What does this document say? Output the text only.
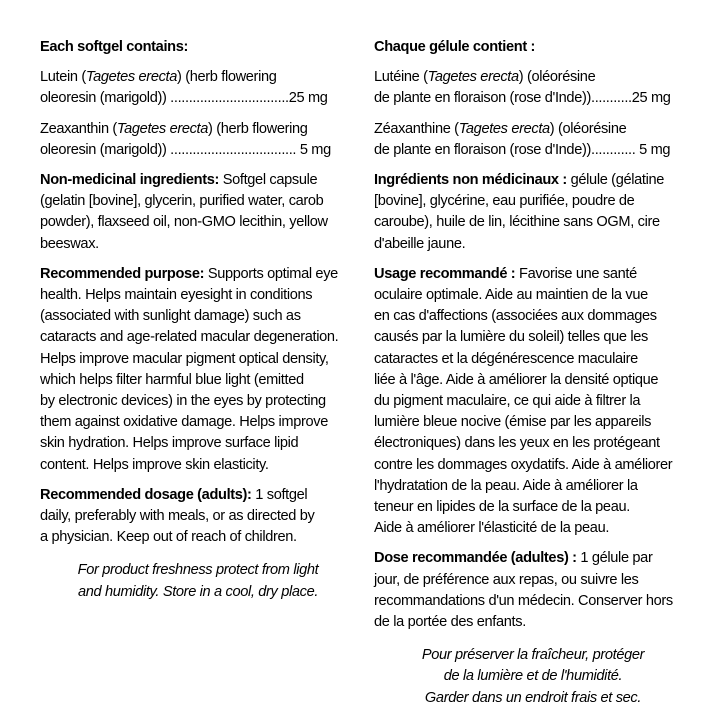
Each softgel contains:
Lutein (Tagetes erecta) (herb flowering
oleoresin (marigold)) ................................25 mg
Zeaxanthin (Tagetes erecta) (herb flowering
oleoresin (marigold)) .................................. 5 mg
Non-medicinal ingredients: Softgel capsule
(gelatin [bovine], glycerin, purified water, carob
powder), flaxseed oil, non-GMO lecithin, yellow
beeswax.
Recommended purpose: Supports optimal eye
health. Helps maintain eyesight in conditions
(associated with sunlight damage) such as
cataracts and age-related macular degeneration.
Helps improve macular pigment optical density,
which helps filter harmful blue light (emitted
by electronic devices) in the eyes by protecting
them against oxidative damage. Helps improve
skin hydration. Helps improve surface lipid
content. Helps improve skin elasticity.
Recommended dosage (adults): 1 softgel
daily, preferably with meals, or as directed by
a physician. Keep out of reach of children.
For product freshness protect from light
and humidity. Store in a cool, dry place.
Chaque gélule contient :
Lutéine (Tagetes erecta) (oléorésine
de plante en floraison (rose d'Inde))...........25 mg
Zéaxanthine (Tagetes erecta) (oléorésine
de plante en floraison (rose d'Inde))............ 5 mg
Ingrédients non médicinaux : gélule (gélatine
[bovine], glycérine, eau purifiée, poudre de
caroube), huile de lin, lécithine sans OGM, cire
d'abeille jaune.
Usage recommandé : Favorise une santé
oculaire optimale. Aide au maintien de la vue
en cas d'affections (associées aux dommages
causés par la lumière du soleil) telles que les
cataractes et la dégénérescence maculaire
liée à l'âge. Aide à améliorer la densité optique
du pigment maculaire, ce qui aide à filtrer la
lumière bleue nocive (émise par les appareils
électroniques) dans les yeux en les protégeant
contre les dommages oxydatifs. Aide à améliorer
l'hydratation de la peau. Aide à améliorer la
teneur en lipides de la surface de la peau.
Aide à améliorer l'élasticité de la peau.
Dose recommandée (adultes) : 1 gélule par
jour, de préférence aux repas, ou suivre les
recommandations d'un médecin. Conserver hors
de la portée des enfants.
Pour préserver la fraîcheur, protéger
de la lumière et de l'humidité.
Garder dans un endroit frais et sec.
